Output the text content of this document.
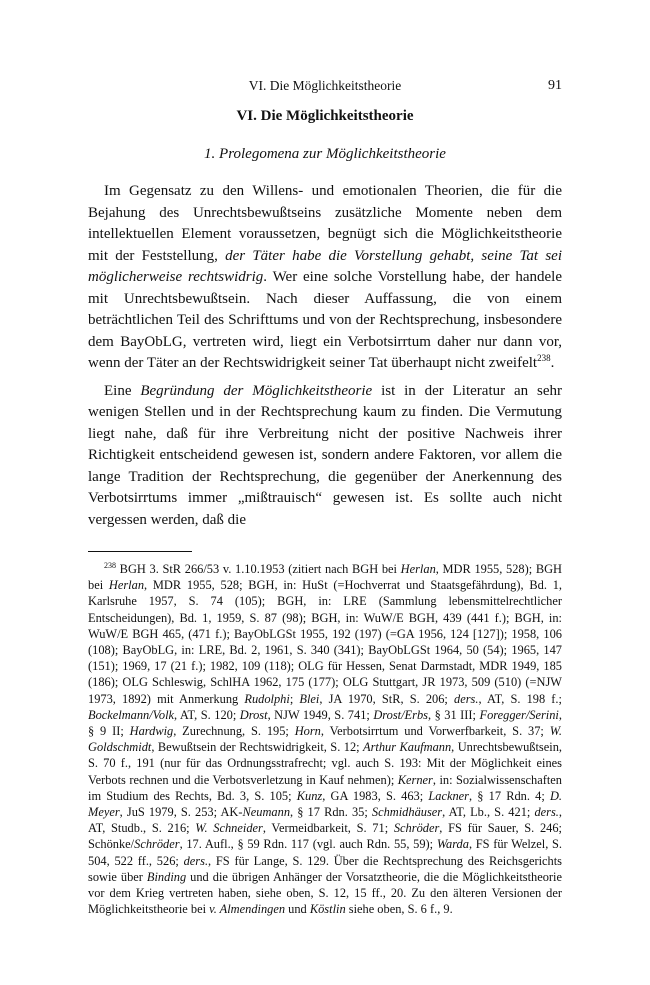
VI. Die Möglichkeitstheorie	91
VI. Die Möglichkeitstheorie
1. Prolegomena zur Möglichkeitstheorie

Im Gegensatz zu den Willens- und emotionalen Theorien, die für die Bejahung des Unrechtsbewußtseins zusätzliche Momente neben dem intellektuellen Element voraussetzen, begnügt sich die Möglichkeitstheorie mit der Feststellung, der Täter habe die Vorstellung gehabt, seine Tat sei möglicherweise rechtswidrig. Wer eine solche Vorstellung habe, der handele mit Unrechtsbewußtsein. Nach dieser Auffassung, die von einem beträchtlichen Teil des Schrifttums und von der Rechtsprechung, insbesondere dem BayObLG, vertreten wird, liegt ein Verbotsirrtum daher nur dann vor, wenn der Täter an der Rechtswidrigkeit seiner Tat überhaupt nicht zweifelt$^{238}$.

Eine Begründung der Möglichkeitstheorie ist in der Literatur an sehr wenigen Stellen und in der Rechtsprechung kaum zu finden. Die Vermutung liegt nahe, daß für ihre Verbreitung nicht der positive Nachweis ihrer Richtigkeit entscheidend gewesen ist, sondern andere Faktoren, vor allem die lange Tradition der Rechtsprechung, die gegenüber der Anerkennung des Verbotsirrtums immer „mißtrauisch“ gewesen ist. Es sollte auch nicht vergessen werden, daß die

$^{238}$ BGH 3. StR 266/53 v. 1.10.1953 (zitiert nach BGH bei Herlan, MDR 1955, 528); BGH bei Herlan, MDR 1955, 528; BGH, in: HuSt (=Hochverrat und Staatsgefährdung), Bd. 1, Karlsruhe 1957, S. 74 (105); BGH, in: LRE (Sammlung lebensmittelrechtlicher Entscheidungen), Bd. 1, 1959, S. 87 (98); BGH, in: WuW/E BGH, 439 (441 f.); BGH, in: WuW/E BGH 465, (471 f.); BayObLGSt 1955, 192 (197) (=GA 1956, 124 [127]); 1958, 106 (108); BayObLG, in: LRE, Bd. 2, 1961, S. 340 (341); BayObLGSt 1964, 50 (54); 1965, 147 (151); 1969, 17 (21 f.); 1982, 109 (118); OLG für Hessen, Senat Darmstadt, MDR 1949, 185 (186); OLG Schleswig, SchlHA 1962, 175 (177); OLG Stuttgart, JR 1973, 509 (510) (=NJW 1973, 1892) mit Anmerkung Rudolphi; Blei, JA 1970, StR, S. 206; ders., AT, S. 198 f.; Bockelmann/Volk, AT, S. 120; Drost, NJW 1949, S. 741; Drost/Erbs, § 31 III; Foregger/Serini, § 9 II; Hardwig, Zurechnung, S. 195; Horn, Verbotsirrtum und Vorwerfbarkeit, S. 37; W. Goldschmidt, Bewußtsein der Rechtswidrigkeit, S. 12; Arthur Kaufmann, Unrechtsbewußtsein, S. 70 f., 191 (nur für das Ordnungsstrafrecht; vgl. auch S. 193: Mit der Möglichkeit eines Verbots rechnen und die Verbotsverletzung in Kauf nehmen); Kerner, in: Sozialwissenschaften im Studium des Rechts, Bd. 3, S. 105; Kunz, GA 1983, S. 463; Lackner, § 17 Rdn. 4; D. Meyer, JuS 1979, S. 253; AK-Neumann, § 17 Rdn. 35; Schmidhäuser, AT, Lb., S. 421; ders., AT, Studb., S. 216; W. Schneider, Vermeidbarkeit, S. 71; Schröder, FS für Sauer, S. 246; Schönke/Schröder, 17. Aufl., § 59 Rdn. 117 (vgl. auch Rdn. 55, 59); Warda, FS für Welzel, S. 504, 522 ff., 526; ders., FS für Lange, S. 129. Über die Rechtsprechung des Reichsgerichts sowie über Binding und die übrigen Anhänger der Vorsatztheorie, die die Möglichkeitstheorie vor dem Krieg vertreten haben, siehe oben, S. 12, 15 ff., 20. Zu den älteren Versionen der Möglichkeitstheorie bei v. Almendingen und Köstlin siehe oben, S. 6 f., 9.
